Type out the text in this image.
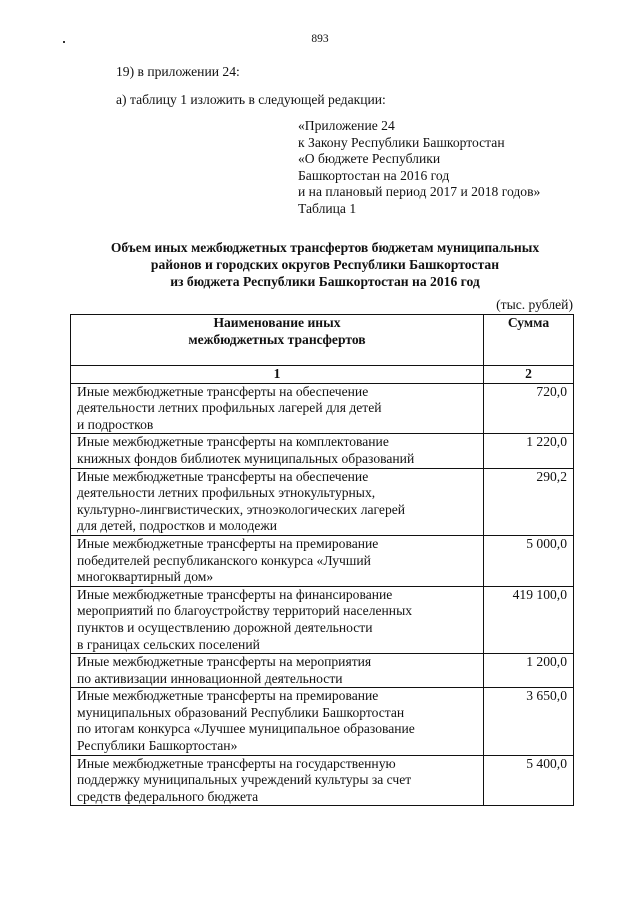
893
19) в приложении 24:
а) таблицу 1 изложить в следующей редакции:
«Приложение 24
к Закону Республики Башкортостан
«О бюджете Республики
Башкортостан на 2016 год
и на плановый период 2017 и 2018 годов»
Таблица 1
Объем иных межбюджетных трансфертов бюджетам муниципальных
районов и городских округов Республики Башкортостан
из бюджета Республики Башкортостан на 2016 год
(тыс. рублей)
Наименование иных
межбюджетных трансфертов	Сумма
1	2

Иные межбюджетные трансферты на обеспечение
деятельности летних профильных лагерей для детей
и подростков	720,0

Иные межбюджетные трансферты на комплектование
книжных фондов библиотек муниципальных образований	1 220,0

Иные межбюджетные трансферты на обеспечение
деятельности летних профильных этнокультурных,
культурно-лингвистических, этноэкологических лагерей
для детей, подростков и молодежи	290,2

Иные межбюджетные трансферты на премирование
победителей республиканского конкурса «Лучший
многоквартирный дом»	5 000,0

Иные межбюджетные трансферты на финансирование
мероприятий по благоустройству территорий населенных
пунктов и осуществлению дорожной деятельности
в границах сельских поселений	419 100,0

Иные межбюджетные трансферты на мероприятия
по активизации инновационной деятельности	1 200,0

Иные межбюджетные трансферты на премирование
муниципальных образований Республики Башкортостан
по итогам конкурса «Лучшее муниципальное образование
Республики Башкортостан»	3 650,0

Иные межбюджетные трансферты на государственную
поддержку муниципальных учреждений культуры за счет
средств федерального бюджета	5 400,0
